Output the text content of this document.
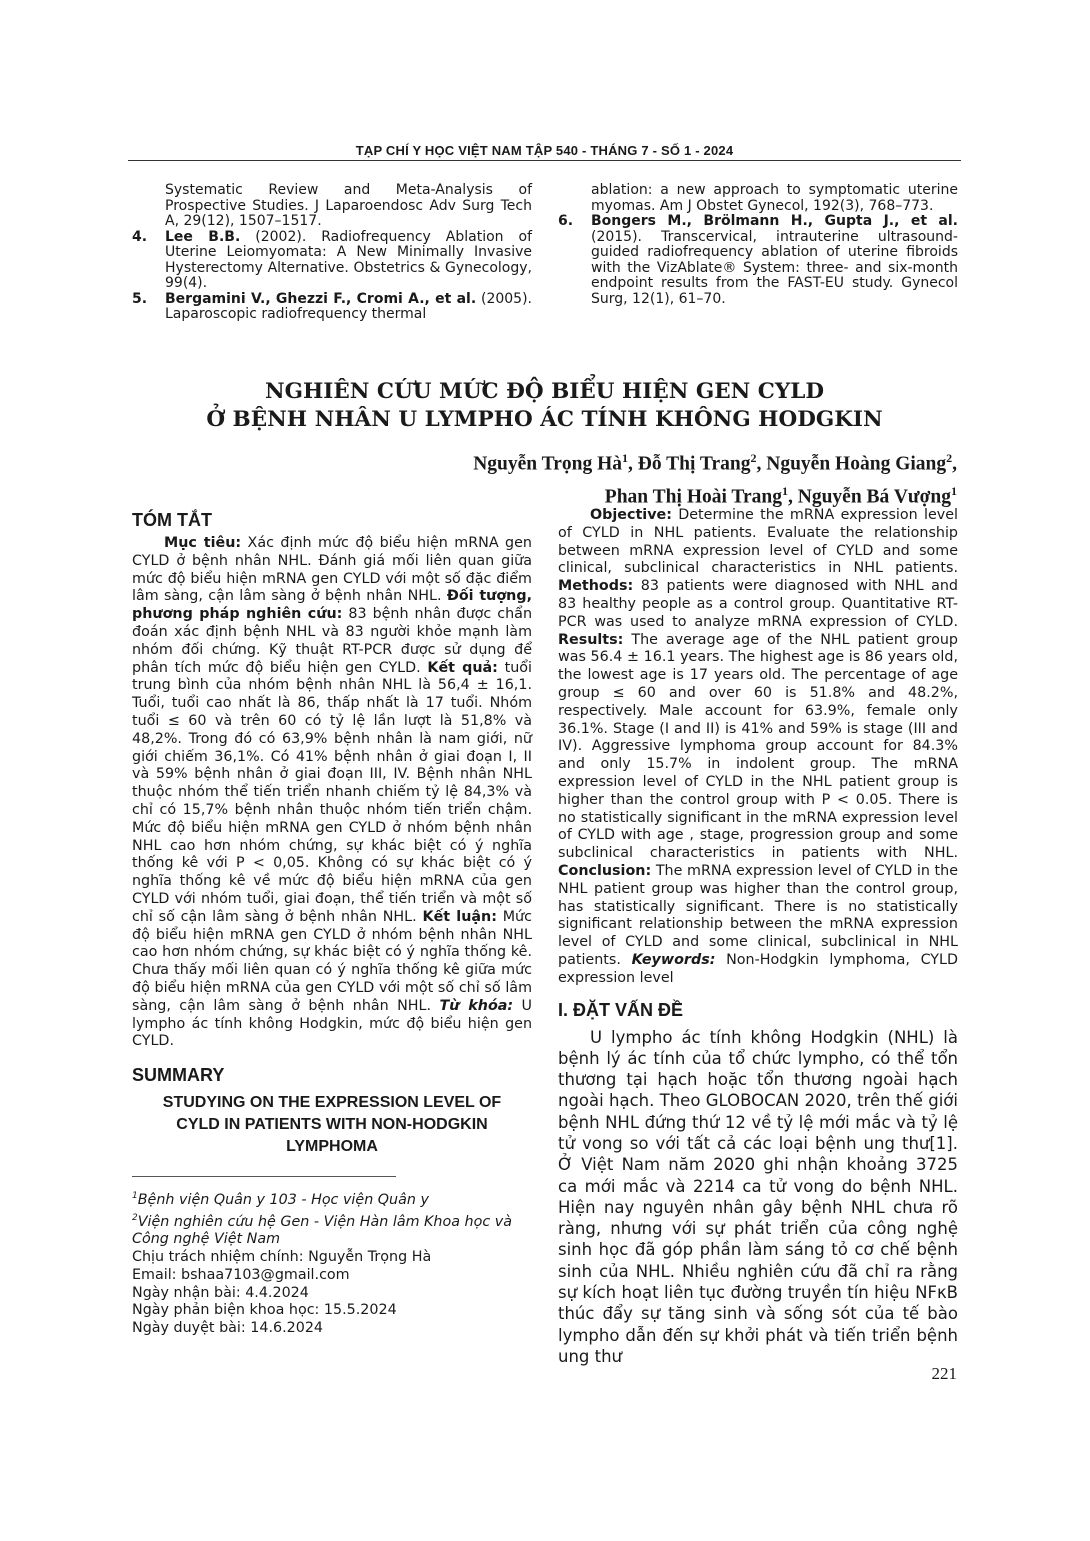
TẠP CHÍ Y HỌC VIỆT NAM TẬP 540 - THÁNG 7 - SỐ 1 - 2024

Systematic Review and Meta-Analysis of Prospective Studies. J Laparoendosc Adv Surg Tech A, 29(12), 1507–1517.

4. Lee B.B. (2002). Radiofrequency Ablation of Uterine Leiomyomata: A New Minimally Invasive Hysterectomy Alternative. Obstetrics & Gynecology, 99(4).

5. Bergamini V., Ghezzi F., Cromi A., et al. (2005). Laparoscopic radiofrequency thermal

ablation: a new approach to symptomatic uterine myomas. Am J Obstet Gynecol, 192(3), 768–773.

6. Bongers M., Brölmann H., Gupta J., et al. (2015). Transcervical, intrauterine ultrasound-guided radiofrequency ablation of uterine fibroids with the VizAblate® System: three- and six-month endpoint results from the FAST-EU study. Gynecol Surg, 12(1), 61–70.

NGHIÊN CỨU MỨC ĐỘ BIỂU HIỆN GEN CYLD
Ở BỆNH NHÂN U LYMPHO ÁC TÍNH KHÔNG HODGKIN
Nguyễn Trọng $Hà^1$, Đỗ Thị Trang$^2$, Nguyễn Hoàng Giang$^2$,
Phan Thị Hoài Trang$^1$, Nguyễn Bá Vượng$^1$
TÓM TẮT

Mục tiêu: Xác định mức độ biểu hiện mRNA gen CYLD ở bệnh nhân NHL. Đánh giá mối liên quan giữa mức độ biểu hiện mRNA gen CYLD với một số đặc điểm lâm sàng, cận lâm sàng ở bệnh nhân NHL. Đối tượng, phương pháp nghiên cứu: 83 bệnh nhân được chẩn đoán xác định bệnh NHL và 83 người khỏe mạnh làm nhóm đối chứng. Kỹ thuật RT-PCR được sử dụng để phân tích mức độ biểu hiện gen CYLD. Kết quả: tuổi trung bình của nhóm bệnh nhân NHL là 56,4 ± 16,1. Tuổi, tuổi cao nhất là 86, thấp nhất là 17 tuổi. Nhóm tuổi ≤ 60 và trên 60 có tỷ lệ lần lượt là 51,8% và 48,2%. Trong đó có 63,9% bệnh nhân là nam giới, nữ giới chiếm 36,1%. Có 41% bệnh nhân ở giai đoạn I, II và 59% bệnh nhân ở giai đoạn III, IV. Bệnh nhân NHL thuộc nhóm thể tiến triển nhanh chiếm tỷ lệ 84,3% và chỉ có 15,7% bệnh nhân thuộc nhóm tiến triển chậm. Mức độ biểu hiện mRNA gen CYLD ở nhóm bệnh nhân NHL cao hơn nhóm chứng, sự khác biệt có ý nghĩa thống kê với P < 0,05. Không có sự khác biệt có ý nghĩa thống kê về mức độ biểu hiện mRNA của gen CYLD với nhóm tuổi, giai đoạn, thể tiến triển và một số chỉ số cận lâm sàng ở bệnh nhân NHL. Kết luận: Mức độ biểu hiện mRNA gen CYLD ở nhóm bệnh nhân NHL cao hơn nhóm chứng, sự khác biệt có ý nghĩa thống kê. Chưa thấy mối liên quan có ý nghĩa thống kê giữa mức độ biểu hiện mRNA của gen CYLD với một số chỉ số lâm sàng, cận lâm sàng ở bệnh nhân NHL. Từ khóa: U lympho ác tính không Hodgkin, mức độ biểu hiện gen CYLD.

SUMMARY
STUDYING ON THE EXPRESSION LEVEL OF
CYLD IN PATIENTS WITH NON-HODGKIN
LYMPHOMA
$^1$Bệnh viện Quân y 103 - Học viện Quân y
$^2$Viện nghiên cứu hệ Gen - Viện Hàn lâm Khoa học và Công nghệ Việt Nam
Chịu trách nhiệm chính: Nguyễn Trọng Hà
Email: bshaa7103@gmail.com
Ngày nhận bài: 4.4.2024
Ngày phản biện khoa học: 15.5.2024
Ngày duyệt bài: 14.6.2024

Objective: Determine the mRNA expression level of CYLD in NHL patients. Evaluate the relationship between mRNA expression level of CYLD and some clinical, subclinical characteristics in NHL patients. Methods: 83 patients were diagnosed with NHL and 83 healthy people as a control group. Quantitative RT-PCR was used to analyze mRNA expression of CYLD. Results: The average age of the NHL patient group was 56.4 ± 16.1 years. The highest age is 86 years old, the lowest age is 17 years old. The percentage of age group ≤ 60 and over 60 is 51.8% and 48.2%, respectively. Male account for 63.9%, female only 36.1%. Stage (I and II) is 41% and 59% is stage (III and IV). Aggressive lymphoma group account for 84.3% and only 15.7% in indolent group. The mRNA expression level of CYLD in the NHL patient group is higher than the control group with P < 0.05. There is no statistically significant in the mRNA expression level of CYLD with age , stage, progression group and some subclinical characteristics in patients with NHL. Conclusion: The mRNA expression level of CYLD in the NHL patient group was higher than the control group, has statistically significant. There is no statistically significant relationship between the mRNA expression level of CYLD and some clinical, subclinical in NHL patients. Keywords: Non-Hodgkin lymphoma, CYLD expression level

I. ĐẶT VẤN ĐỀ

U lympho ác tính không Hodgkin (NHL) là bệnh lý ác tính của tổ chức lympho, có thể tổn thương tại hạch hoặc tổn thương ngoài hạch ngoài hạch. Theo GLOBOCAN 2020, trên thế giới bệnh NHL đứng thứ 12 về tỷ lệ mới mắc và tỷ lệ tử vong so với tất cả các loại bệnh ung thư[1]. Ở Việt Nam năm 2020 ghi nhận khoảng 3725 ca mới mắc và 2214 ca tử vong do bệnh NHL. Hiện nay nguyên nhân gây bệnh NHL chưa rõ ràng, nhưng với sự phát triển của công nghệ sinh học đã góp phần làm sáng tỏ cơ chế bệnh sinh của NHL. Nhiều nghiên cứu đã chỉ ra rằng sự kích hoạt liên tục đường truyền tín hiệu NFκB thúc đẩy sự tăng sinh và sống sót của tế bào lympho dẫn đến sự khởi phát và tiến triển bệnh ung thư

221
